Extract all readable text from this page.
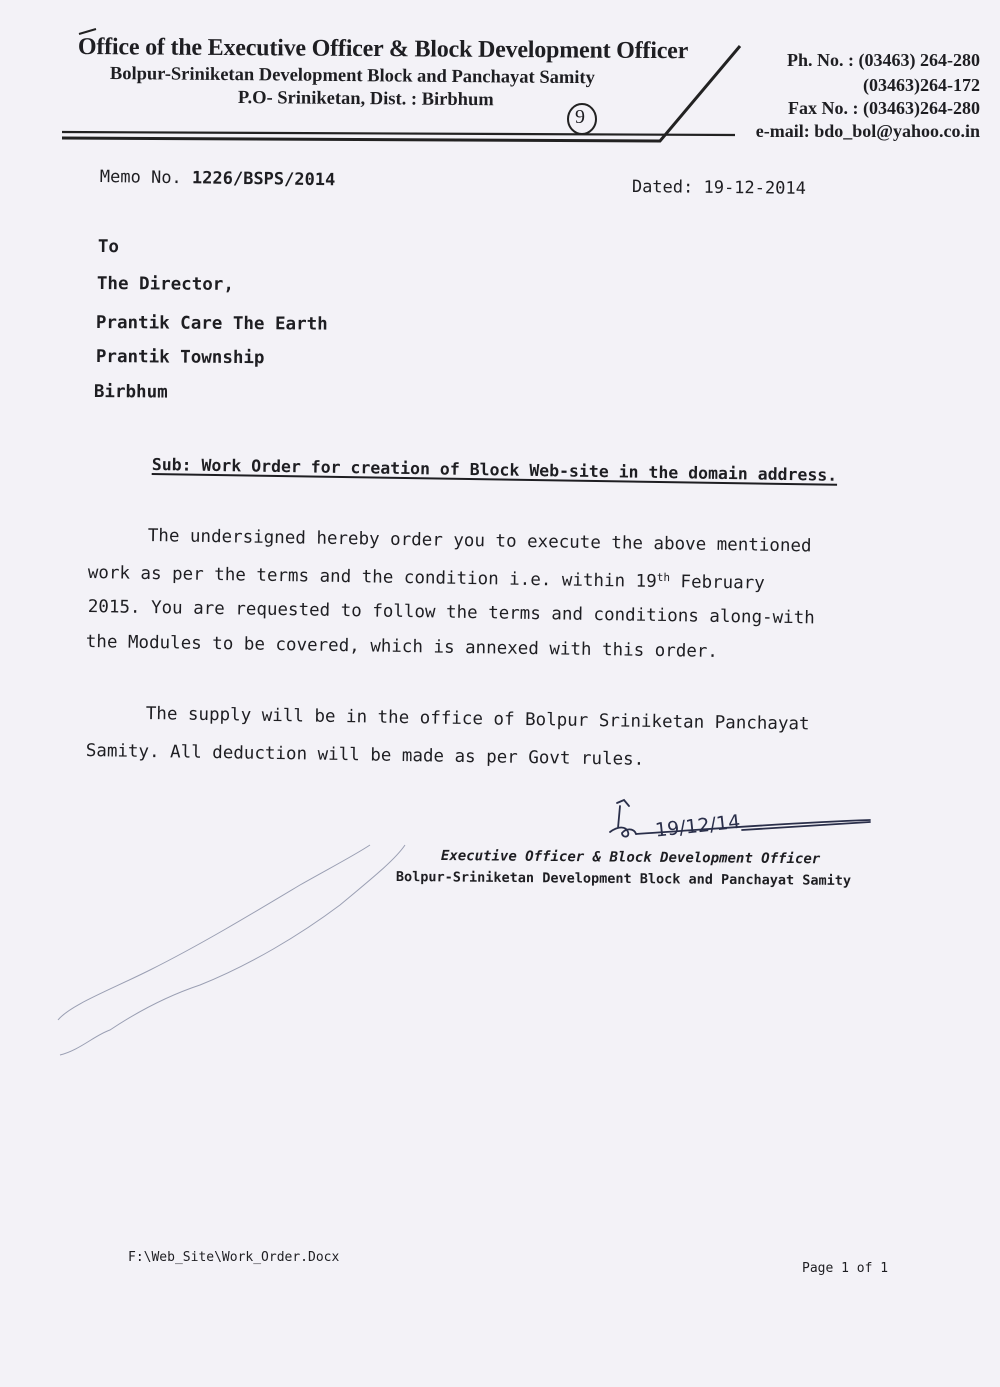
Office of the Executive Officer & Block Development Officer
Bolpur-Sriniketan Development Block and Panchayat Samity
P.O- Sriniketan, Dist. : Birbhum
Ph. No. : (03463) 264-280
(03463)264-172
Fax No. : (03463)264-280
e-mail: bdo_bol@yahoo.co.in
9
Memo No. 1226/BSPS/2014	Dated: 19-12-2014
To
The Director,
Prantik Care The Earth
Prantik Township
Birbhum
Sub: Work Order for creation of Block Web-site in the domain address.
The undersigned hereby order you to execute the above mentioned
work as per the terms and the condition i.e. within 19th February
2015. You are requested to follow the terms and conditions along-with
the Modules to be covered, which is annexed with this order.
The supply will be in the office of Bolpur Sriniketan Panchayat
Samity. All deduction will be made as per Govt rules.
19/12/14
Executive Officer & Block Development Officer
Bolpur-Sriniketan Development Block and Panchayat Samity
F:\Web_Site\Work_Order.Docx
Page 1 of 1
